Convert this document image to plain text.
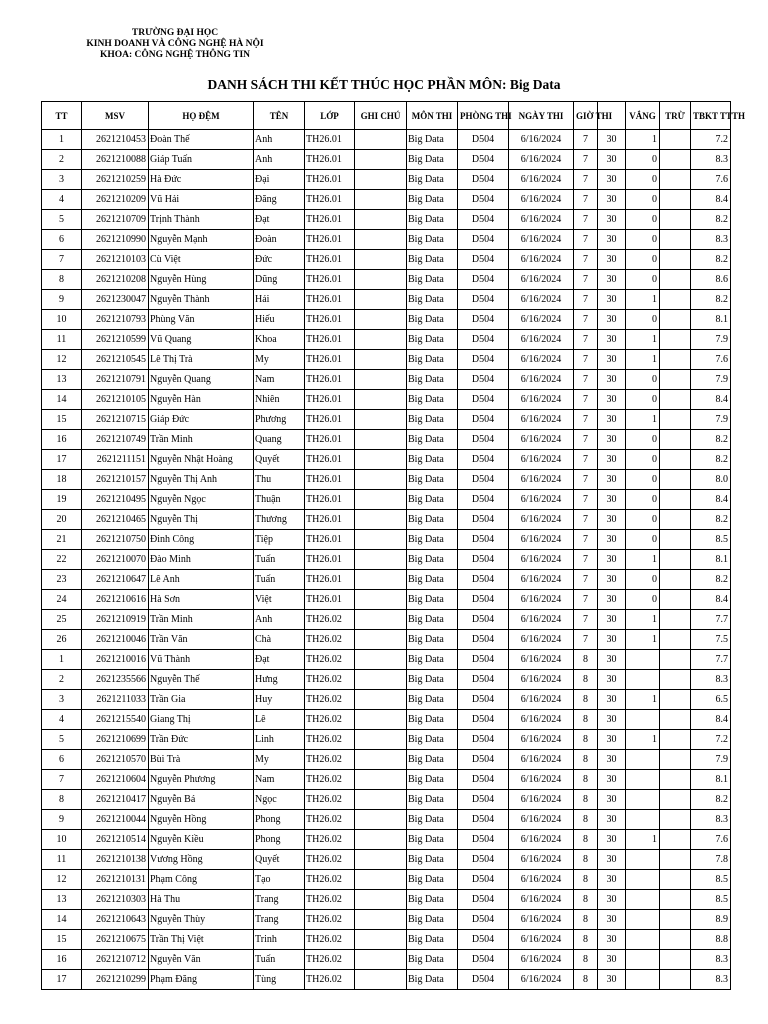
TRƯỜNG ĐẠI HỌC
KINH DOANH VÀ CÔNG NGHỆ HÀ NỘI
KHOA: CÔNG NGHỆ THÔNG TIN
DANH SÁCH THI KẾT THÚC HỌC PHẦN MÔN: Big Data
TT	MSV	HỌ ĐỆM	TÊN	LỚP	GHI CHÚ	MÔN THI	PHÒNG THI	NGÀY THI	GIỜ THI		VẮNG	TRỪ	TBKT TTTH
1	2621210453	Đoàn Thế	Anh	TH26.01		Big Data	D504	6/16/2024	7	30	1		7.2
2	2621210088	Giáp Tuấn	Anh	TH26.01		Big Data	D504	6/16/2024	7	30	0		8.3
3	2621210259	Hà Đức	Đại	TH26.01		Big Data	D504	6/16/2024	7	30	0		7.6
4	2621210209	Vũ Hải	Đăng	TH26.01		Big Data	D504	6/16/2024	7	30	0		8.4
5	2621210709	Trịnh Thành	Đạt	TH26.01		Big Data	D504	6/16/2024	7	30	0		8.2
6	2621210990	Nguyễn Mạnh	Đoàn	TH26.01		Big Data	D504	6/16/2024	7	30	0		8.3
7	2621210103	Cù Việt	Đức	TH26.01		Big Data	D504	6/16/2024	7	30	0		8.2
8	2621210208	Nguyễn Hùng	Dũng	TH26.01		Big Data	D504	6/16/2024	7	30	0		8.6
9	2621230047	Nguyễn Thành	Hải	TH26.01		Big Data	D504	6/16/2024	7	30	1		8.2
10	2621210793	Phùng Văn	Hiếu	TH26.01		Big Data	D504	6/16/2024	7	30	0		8.1
11	2621210599	Vũ Quang	Khoa	TH26.01		Big Data	D504	6/16/2024	7	30	1		7.9
12	2621210545	Lê Thị Trà	My	TH26.01		Big Data	D504	6/16/2024	7	30	1		7.6
13	2621210791	Nguyễn Quang	Nam	TH26.01		Big Data	D504	6/16/2024	7	30	0		7.9
14	2621210105	Nguyễn Hàn	Nhiên	TH26.01		Big Data	D504	6/16/2024	7	30	0		8.4
15	2621210715	Giáp Đức	Phương	TH26.01		Big Data	D504	6/16/2024	7	30	1		7.9
16	2621210749	Trần Minh	Quang	TH26.01		Big Data	D504	6/16/2024	7	30	0		8.2
17	2621211151	Nguyễn Nhật Hoàng	Quyết	TH26.01		Big Data	D504	6/16/2024	7	30	0		8.2
18	2621210157	Nguyễn Thị Anh	Thu	TH26.01		Big Data	D504	6/16/2024	7	30	0		8.0
19	2621210495	Nguyễn Ngọc	Thuận	TH26.01		Big Data	D504	6/16/2024	7	30	0		8.4
20	2621210465	Nguyễn Thị	Thương	TH26.01		Big Data	D504	6/16/2024	7	30	0		8.2
21	2621210750	Đinh Công	Tiệp	TH26.01		Big Data	D504	6/16/2024	7	30	0		8.5
22	2621210070	Đào Minh	Tuấn	TH26.01		Big Data	D504	6/16/2024	7	30	1		8.1
23	2621210647	Lê Anh	Tuấn	TH26.01		Big Data	D504	6/16/2024	7	30	0		8.2
24	2621210616	Hà Sơn	Việt	TH26.01		Big Data	D504	6/16/2024	7	30	0		8.4
25	2621210919	Trần Minh	Anh	TH26.02		Big Data	D504	6/16/2024	7	30	1		7.7
26	2621210046	Trần Văn	Chà	TH26.02		Big Data	D504	6/16/2024	7	30	1		7.5
1	2621210016	Vũ Thành	Đạt	TH26.02		Big Data	D504	6/16/2024	8	30			7.7
2	2621235566	Nguyễn Thế	Hưng	TH26.02		Big Data	D504	6/16/2024	8	30			8.3
3	2621211033	Trần Gia	Huy	TH26.02		Big Data	D504	6/16/2024	8	30	1		6.5
4	2621215540	Giang Thị	Lê	TH26.02		Big Data	D504	6/16/2024	8	30			8.4
5	2621210699	Trần Đức	Linh	TH26.02		Big Data	D504	6/16/2024	8	30	1		7.2
6	2621210570	Bùi Trà	My	TH26.02		Big Data	D504	6/16/2024	8	30			7.9
7	2621210604	Nguyễn Phương	Nam	TH26.02		Big Data	D504	6/16/2024	8	30			8.1
8	2621210417	Nguyễn Bá	Ngọc	TH26.02		Big Data	D504	6/16/2024	8	30			8.2
9	2621210044	Nguyễn Hồng	Phong	TH26.02		Big Data	D504	6/16/2024	8	30			8.3
10	2621210514	Nguyễn Kiều	Phong	TH26.02		Big Data	D504	6/16/2024	8	30	1		7.6
11	2621210138	Vương Hồng	Quyết	TH26.02		Big Data	D504	6/16/2024	8	30			7.8
12	2621210131	Phạm Công	Tạo	TH26.02		Big Data	D504	6/16/2024	8	30			8.5
13	2621210303	Hà Thu	Trang	TH26.02		Big Data	D504	6/16/2024	8	30			8.5
14	2621210643	Nguyễn Thùy	Trang	TH26.02		Big Data	D504	6/16/2024	8	30			8.9
15	2621210675	Trần Thị Việt	Trinh	TH26.02		Big Data	D504	6/16/2024	8	30			8.8
16	2621210712	Nguyễn Văn	Tuấn	TH26.02		Big Data	D504	6/16/2024	8	30			8.3
17	2621210299	Phạm Đăng	Tùng	TH26.02		Big Data	D504	6/16/2024	8	30			8.3
